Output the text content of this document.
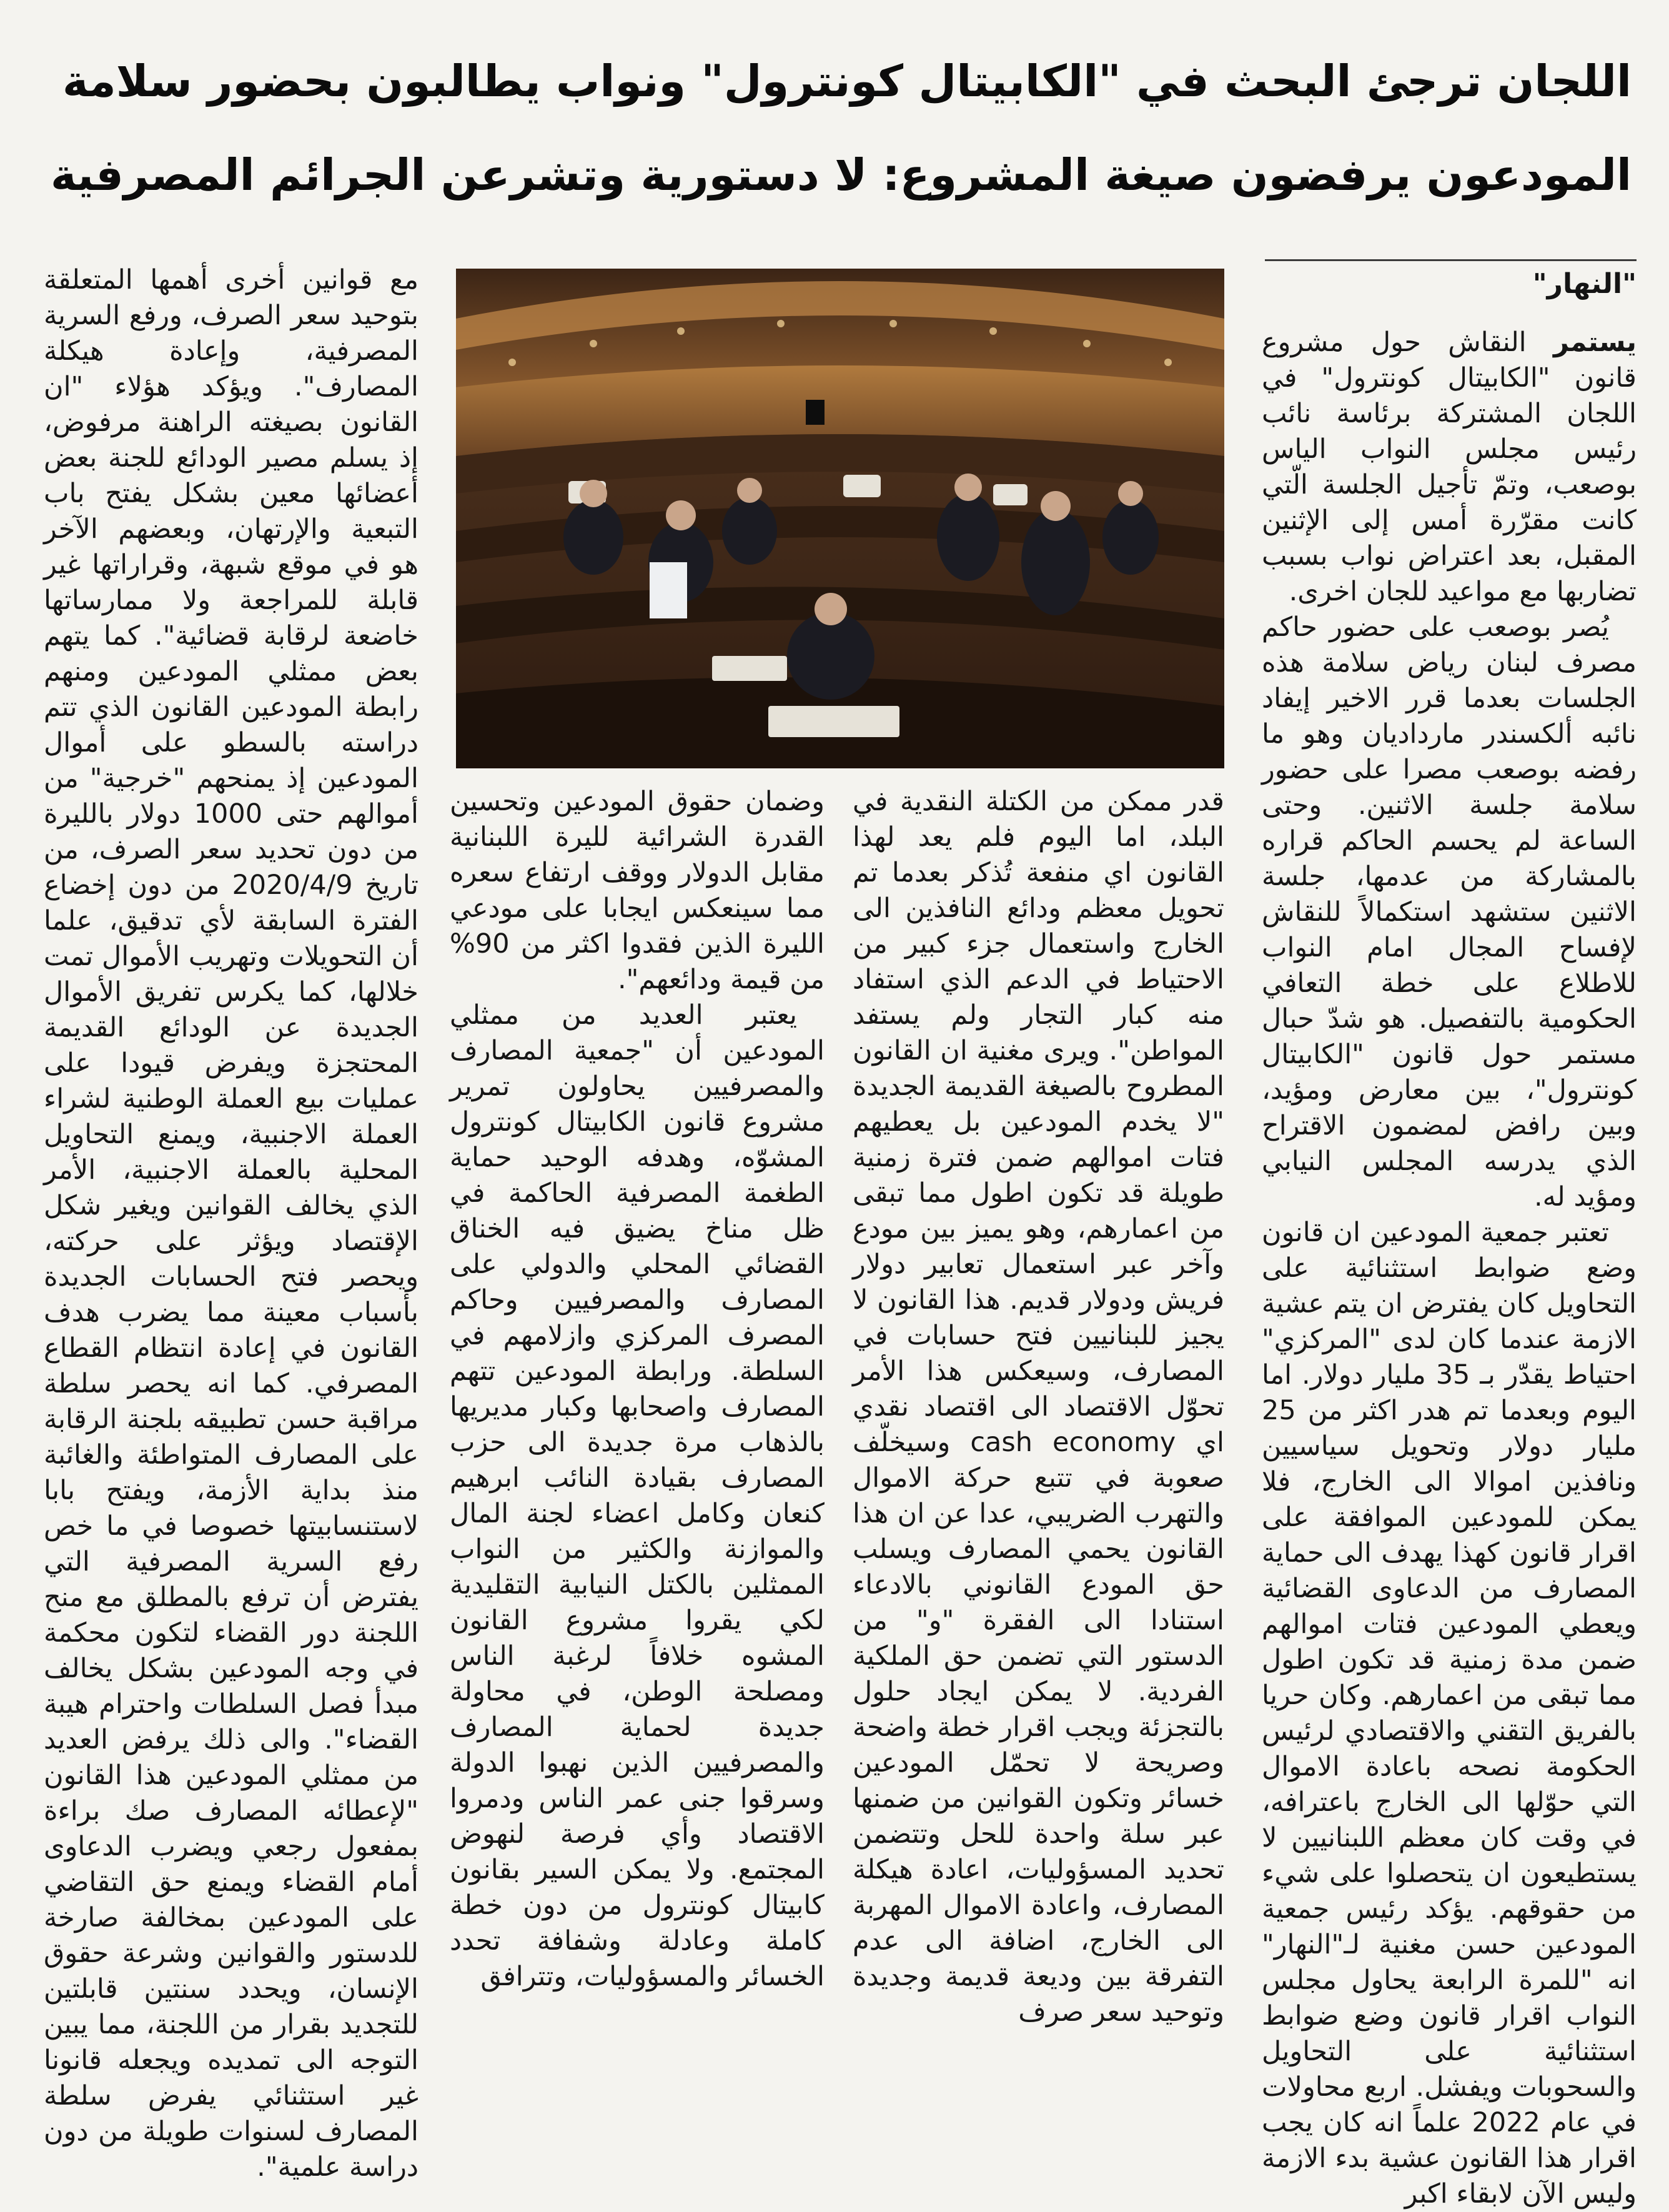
اللجان ترجئ البحث في "الكابيتال كونترول" ونواب يطالبون بحضور سلامة
المودعون يرفضون صيغة المشروع: لا دستورية وتشرعن الجرائم المصرفية
"النهار"

يستمر النقاش حول مشروع قانون "الكابيتال كونترول" في اللجان المشتركة برئاسة نائب رئيس مجلس النواب الياس بوصعب، وتمّ تأجيل الجلسة الّتي كانت مقرّرة أمس إلى الإثنين المقبل، بعد اعتراض نواب بسبب تضاربها مع مواعيد للجان اخرى.

يُصر بوصعب على حضور حاكم مصرف لبنان رياض سلامة هذه الجلسات بعدما قرر الاخير إيفاد نائبه ألكسندر مارداديان وهو ما رفضه بوصعب مصرا على حضور سلامة جلسة الاثنين. وحتى الساعة لم يحسم الحاكم قراره بالمشاركة من عدمها، جلسة الاثنين ستشهد استكمالاً للنقاش لإفساح المجال امام النواب للاطلاع على خطة التعافي الحكومية بالتفصيل. هو شدّ حبال مستمر حول قانون "الكابيتال كونترول"، بين معارض ومؤيد، وبين رافض لمضمون الاقتراح الذي يدرسه المجلس النيابي ومؤيد له.

تعتبر جمعية المودعين ان قانون وضع ضوابط استثنائية على التحاويل كان يفترض ان يتم عشية الازمة عندما كان لدى "المركزي" احتياط يقدّر بـ 35 مليار دولار. اما اليوم وبعدما تم هدر اكثر من 25 مليار دولار وتحويل سياسيين ونافذين اموالا الى الخارج، فلا يمكن للمودعين الموافقة على اقرار قانون كهذا يهدف الى حماية المصارف من الدعاوى القضائية ويعطي المودعين فتات اموالهم ضمن مدة زمنية قد تكون اطول مما تبقى من اعمارهم. وكان حريا بالفريق التقني والاقتصادي لرئيس الحكومة نصحه باعادة الاموال التي حوّلها الى الخارج باعترافه، في وقت كان معظم اللبنانيين لا يستطيعون ان يتحصلوا على شيء من حقوقهم. يؤكد رئيس جمعية المودعين حسن مغنية لـ"النهار" انه "للمرة الرابعة يحاول مجلس النواب اقرار قانون وضع ضوابط استثنائية على التحاويل والسحوبات ويفشل. اربع محاولات في عام 2022 علماً انه كان يجب اقرار هذا القانون عشية بدء الازمة وليس الآن لابقاء اكبر

قدر ممكن من الكتلة النقدية في البلد، اما اليوم فلم يعد لهذا القانون اي منفعة تُذكر بعدما تم تحويل معظم ودائع النافذين الى الخارج واستعمال جزء كبير من الاحتياط في الدعم الذي استفاد منه كبار التجار ولم يستفد المواطن". ويرى مغنية ان القانون المطروح بالصيغة القديمة الجديدة "لا يخدم المودعين بل يعطيهم فتات اموالهم ضمن فترة زمنية طويلة قد تكون اطول مما تبقى من اعمارهم، وهو يميز بين مودع وآخر عبر استعمال تعابير دولار فريش ودولار قديم. هذا القانون لا يجيز للبنانيين فتح حسابات في المصارف، وسيعكس هذا الأمر تحوّل الاقتصاد الى اقتصاد نقدي اي cash economy وسيخلّف صعوبة في تتبع حركة الاموال والتهرب الضريبي، عدا عن ان هذا القانون يحمي المصارف ويسلب حق المودع القانوني بالادعاء استنادا الى الفقرة "و" من الدستور التي تضمن حق الملكية الفردية. لا يمكن ايجاد حلول بالتجزئة ويجب اقرار خطة واضحة وصريحة لا تحمّل المودعين خسائر وتكون القوانين من ضمنها عبر سلة واحدة للحل وتتضمن تحديد المسؤوليات، اعادة هيكلة المصارف، واعادة الاموال المهربة الى الخارج، اضافة الى عدم التفرقة بين وديعة قديمة وجديدة وتوحيد سعر صرف

وضمان حقوق المودعين وتحسين القدرة الشرائية لليرة اللبنانية مقابل الدولار ووقف ارتفاع سعره مما سينعكس ايجابا على مودعي الليرة الذين فقدوا اكثر من 90% من قيمة ودائعهم".

يعتبر العديد من ممثلي المودعين أن "جمعية المصارف والمصرفيين يحاولون تمرير مشروع قانون الكابيتال كونترول المشوّه، وهدفه الوحيد حماية الطغمة المصرفية الحاكمة في ظل مناخ يضيق فيه الخناق القضائي المحلي والدولي على المصارف والمصرفيين وحاكم المصرف المركزي وازلامهم في السلطة. ورابطة المودعين تتهم المصارف واصحابها وكبار مديريها بالذهاب مرة جديدة الى حزب المصارف بقيادة النائب ابرهيم كنعان وكامل اعضاء لجنة المال والموازنة والكثير من النواب الممثلين بالكتل النيابية التقليدية لكي يقروا مشروع القانون المشوه خلافاً لرغبة الناس ومصلحة الوطن، في محاولة جديدة لحماية المصارف والمصرفيين الذين نهبوا الدولة وسرقوا جنى عمر الناس ودمروا الاقتصاد وأي فرصة لنهوض المجتمع. ولا يمكن السير بقانون كابيتال كونترول من دون خطة كاملة وعادلة وشفافة تحدد الخسائر والمسؤوليات، وتترافق

مع قوانين أخرى أهمها المتعلقة بتوحيد سعر الصرف، ورفع السرية المصرفية، وإعادة هيكلة المصارف". ويؤكد هؤلاء "ان القانون بصيغته الراهنة مرفوض، إذ يسلم مصير الودائع للجنة بعض أعضائها معين بشكل يفتح باب التبعية والإرتهان، وبعضهم الآخر هو في موقع شبهة، وقراراتها غير قابلة للمراجعة ولا ممارساتها خاضعة لرقابة قضائية". كما يتهم بعض ممثلي المودعين ومنهم رابطة المودعين القانون الذي تتم دراسته بالسطو على أموال المودعين إذ يمنحهم "خرجية" من أموالهم حتى 1000 دولار بالليرة من دون تحديد سعر الصرف، من تاريخ 2020/4/9 من دون إخضاع الفترة السابقة لأي تدقيق، علما أن التحويلات وتهريب الأموال تمت خلالها، كما يكرس تفريق الأموال الجديدة عن الودائع القديمة المحتجزة ويفرض قيودا على عمليات بيع العملة الوطنية لشراء العملة الاجنبية، ويمنع التحاويل المحلية بالعملة الاجنبية، الأمر الذي يخالف القوانين ويغير شكل الإقتصاد ويؤثر على حركته، ويحصر فتح الحسابات الجديدة بأسباب معينة مما يضرب هدف القانون في إعادة انتظام القطاع المصرفي. كما انه يحصر سلطة مراقبة حسن تطبيقه بلجنة الرقابة على المصارف المتواطئة والغائبة منذ بداية الأزمة، ويفتح بابا لاستنسابيتها خصوصا في ما خص رفع السرية المصرفية التي يفترض أن ترفع بالمطلق مع منح اللجنة دور القضاء لتكون محكمة في وجه المودعين بشكل يخالف مبدأ فصل السلطات واحترام هيبة القضاء". والى ذلك يرفض العديد من ممثلي المودعين هذا القانون "لإعطائه المصارف صك براءة بمفعول رجعي ويضرب الدعاوى أمام القضاء ويمنع حق التقاضي على المودعين بمخالفة صارخة للدستور والقوانين وشرعة حقوق الإنسان، ويحدد سنتين قابلتين للتجديد بقرار من اللجنة، مما يبين التوجه الى تمديده ويجعله قانونا غير استثنائي يفرض سلطة المصارف لسنوات طويلة من دون دراسة علمية".
